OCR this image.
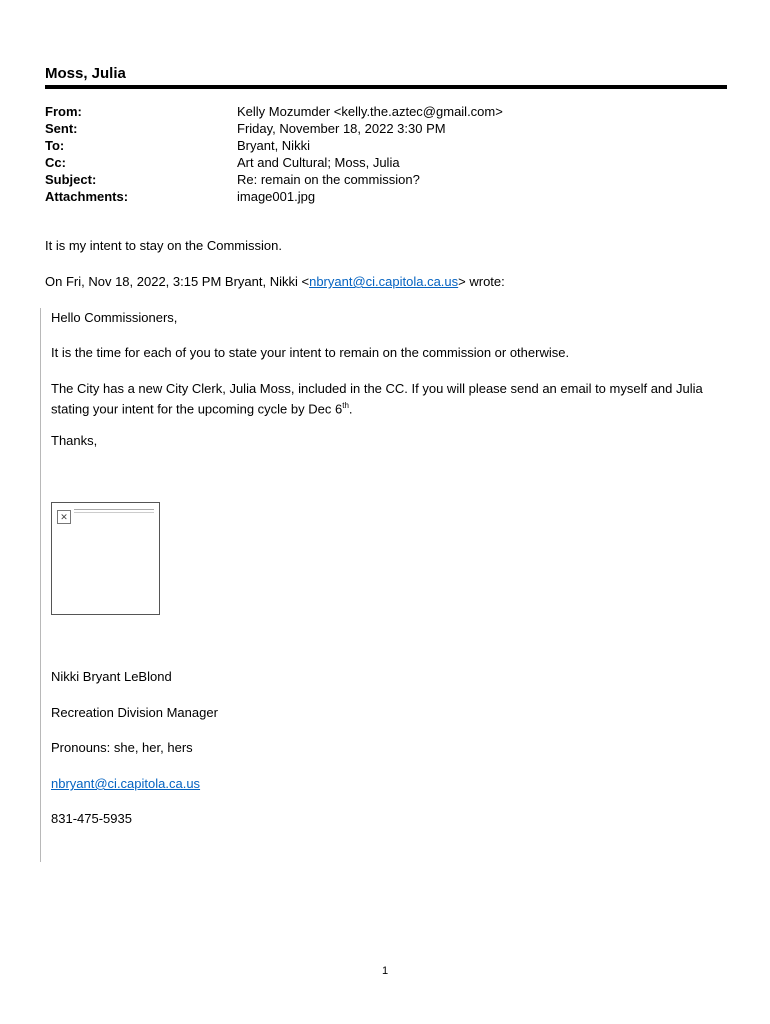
Moss, Julia
From:	Kelly Mozumder <kelly.the.aztec@gmail.com>
Sent:	Friday, November 18, 2022 3:30 PM
To:	Bryant, Nikki
Cc:	Art and Cultural; Moss, Julia
Subject:	Re: remain on the commission?
Attachments:	image001.jpg
It is my intent to stay on the Commission.
On Fri, Nov 18, 2022, 3:15 PM Bryant, Nikki <nbryant@ci.capitola.ca.us> wrote:
Hello Commissioners,
It is the time for each of you to state your intent to remain on the commission or otherwise.
The City has a new City Clerk, Julia Moss, included in the CC. If you will please send an email to myself and Julia stating your intent for the upcoming cycle by Dec 6th.
Thanks,
✕
Nikki Bryant LeBlond
Recreation Division Manager
Pronouns: she, her, hers
nbryant@ci.capitola.ca.us
831-475-5935
1
